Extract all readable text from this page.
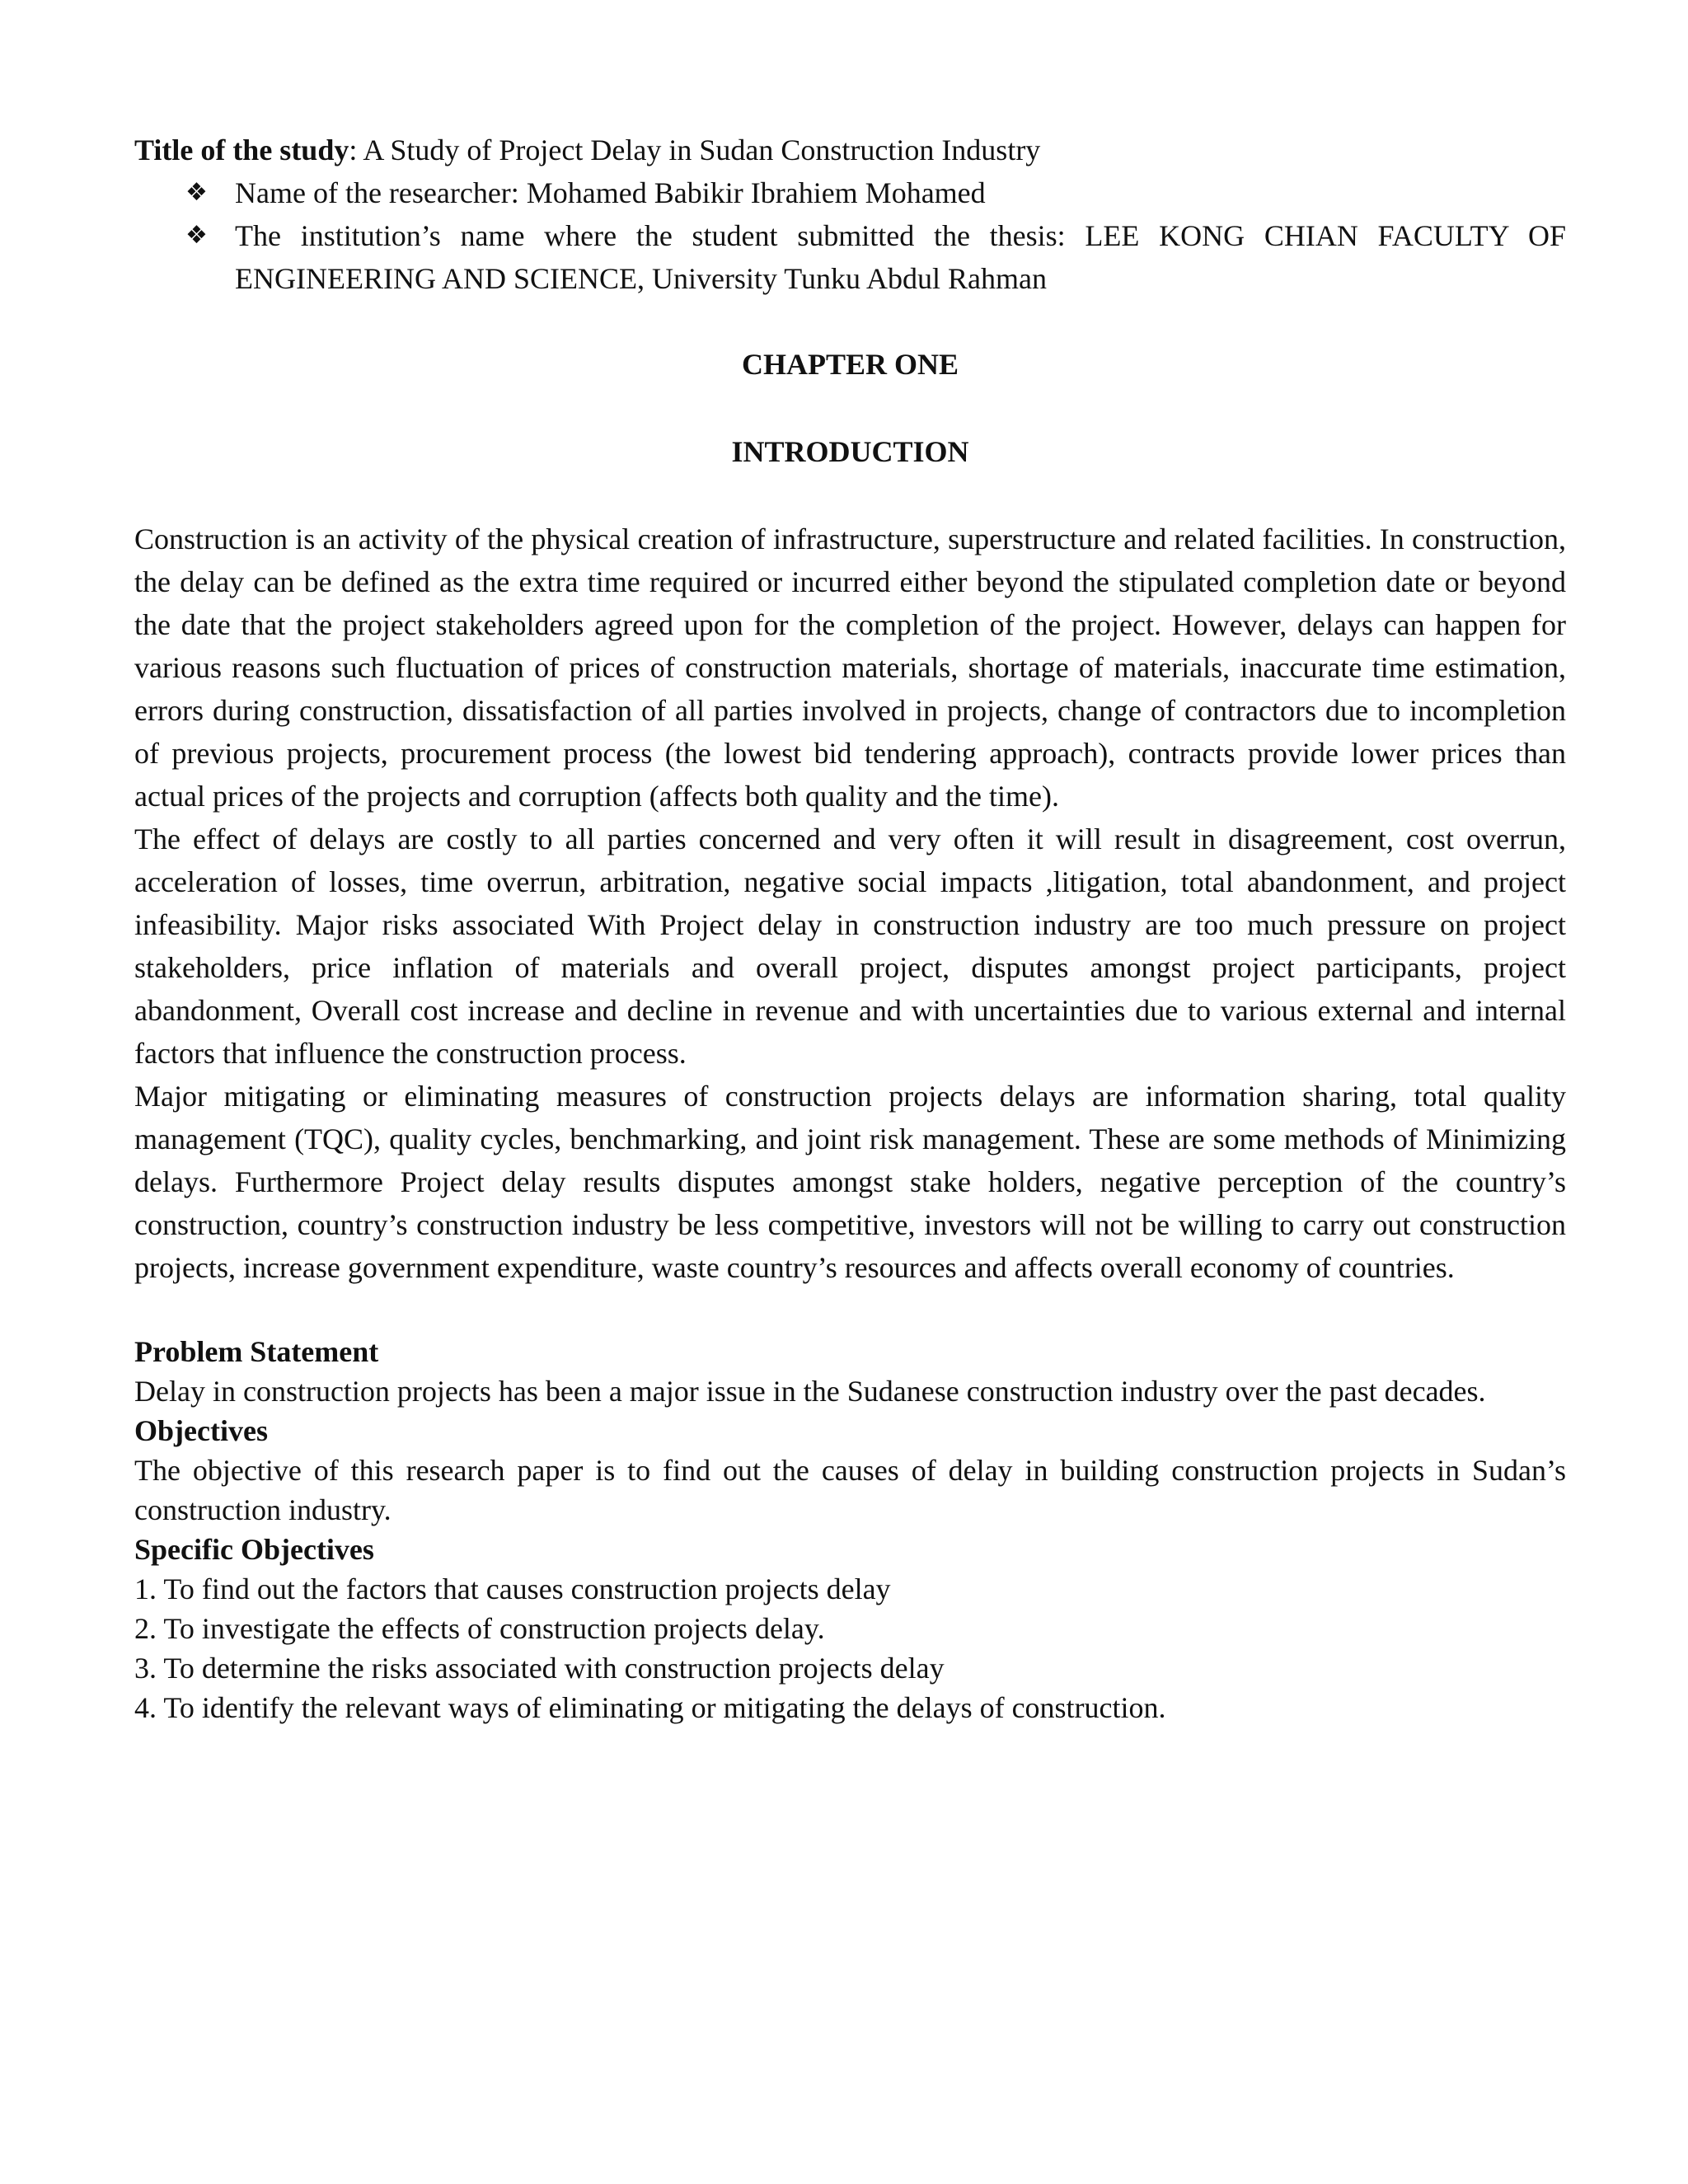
Title of the study: A Study of Project Delay in Sudan Construction Industry

❖ Name of the researcher: Mohamed Babikir Ibrahiem Mohamed
❖ The institution’s name where the student submitted the thesis: LEE KONG CHIAN FACULTY OF ENGINEERING AND SCIENCE, University Tunku Abdul Rahman

CHAPTER ONE

INTRODUCTION

Construction is an activity of the physical creation of infrastructure, superstructure and related facilities. In construction, the delay can be defined as the extra time required or incurred either beyond the stipulated completion date or beyond the date that the project stakeholders agreed upon for the completion of the project. However, delays can happen for various reasons such fluctuation of prices of construction materials, shortage of materials, inaccurate time estimation, errors during construction, dissatisfaction of all parties involved in projects, change of contractors due to incompletion of previous projects, procurement process (the lowest bid tendering approach), contracts provide lower prices than actual prices of the projects and corruption (affects both quality and the time).

The effect of delays are costly to all parties concerned and very often it will result in disagreement, cost overrun, acceleration of losses, time overrun, arbitration, negative social impacts ,litigation, total abandonment, and project infeasibility. Major risks associated With Project delay in construction industry are too much pressure on project stakeholders, price inflation of materials and overall project, disputes amongst project participants, project abandonment, Overall cost increase and decline in revenue and with uncertainties due to various external and internal factors that influence the construction process.

Major mitigating or eliminating measures of construction projects delays are information sharing, total quality management (TQC), quality cycles, benchmarking, and joint risk management. These are some methods of Minimizing delays. Furthermore Project delay results disputes amongst stake holders, negative perception of the country’s construction, country’s construction industry be less competitive, investors will not be willing to carry out construction projects, increase government expenditure, waste country’s resources and affects overall economy of countries.

Problem Statement

Delay in construction projects has been a major issue in the Sudanese construction industry over the past decades.

Objectives

The objective of this research paper is to find out the causes of delay in building construction projects in Sudan’s construction industry.

Specific Objectives

1. To find out the factors that causes construction projects delay
2. To investigate the effects of construction projects delay.
3. To determine the risks associated with construction projects delay
4. To identify the relevant ways of eliminating or mitigating the delays of construction.
